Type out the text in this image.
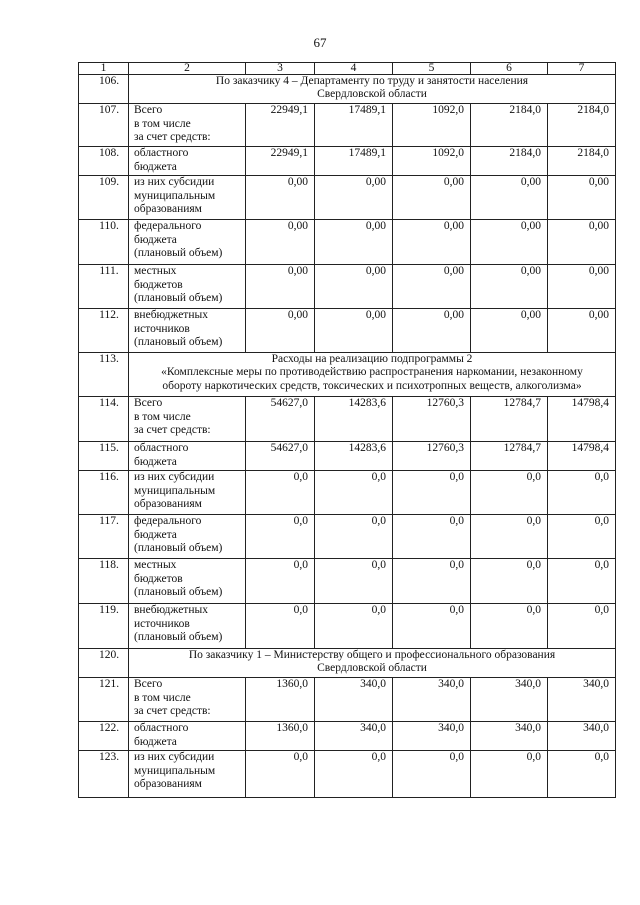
67
1	2	3	4	5	6	7
106.	По заказчику 4 – Департаменту по труду и занятости населения
Свердловской области					
107.	Всего
в том числе
за счет средств:	22949,1	17489,1	1092,0	2184,0	2184,0
108.	областного
бюджета	22949,1	17489,1	1092,0	2184,0	2184,0
109.	из них субсидии
муниципальным
образованиям	0,00	0,00	0,00	0,00	0,00
110.	федерального
бюджета
(плановый объем)	0,00	0,00	0,00	0,00	0,00
111.	местных
бюджетов
(плановый объем)	0,00	0,00	0,00	0,00	0,00
112.	внебюджетных
источников
(плановый объем)	0,00	0,00	0,00	0,00	0,00
113.	Расходы на реализацию подпрограммы 2
«Комплексные меры по противодействию распространения наркомании, незаконному
обороту наркотических средств, токсических и психотропных веществ, алкоголизма»					
114.	Всего
в том числе
за счет средств:	54627,0	14283,6	12760,3	12784,7	14798,4
115.	областного
бюджета	54627,0	14283,6	12760,3	12784,7	14798,4
116.	из них субсидии
муниципальным
образованиям	0,0	0,0	0,0	0,0	0,0
117.	федерального
бюджета
(плановый объем)	0,0	0,0	0,0	0,0	0,0
118.	местных
бюджетов
(плановый объем)	0,0	0,0	0,0	0,0	0,0
119.	внебюджетных
источников
(плановый объем)	0,0	0,0	0,0	0,0	0,0
120.	По заказчику 1 – Министерству общего и профессионального образования
Свердловской области					
121.	Всего
в том числе
за счет средств:	1360,0	340,0	340,0	340,0	340,0
122.	областного
бюджета	1360,0	340,0	340,0	340,0	340,0
123.	из них субсидии
муниципальным
образованиям	0,0	0,0	0,0	0,0	0,0
